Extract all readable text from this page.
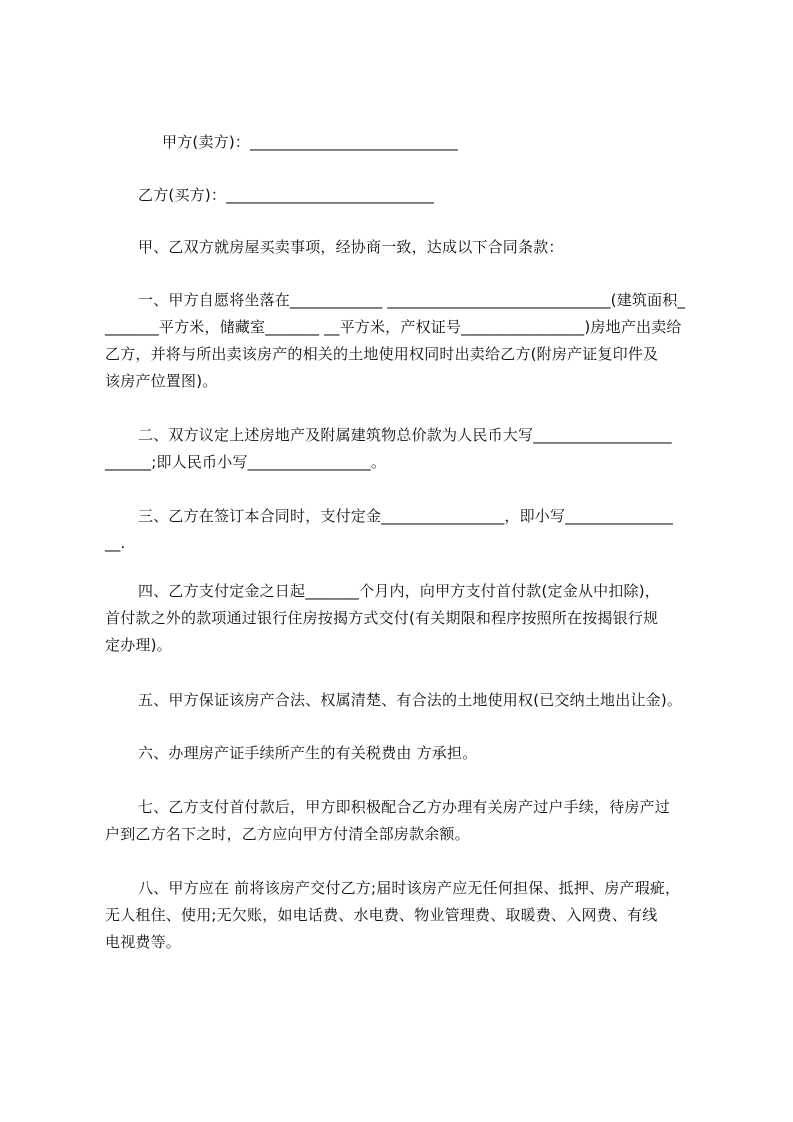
甲方(卖方)：___________________________
乙方(买方)：___________________________
甲、乙双方就房屋买卖事项，经协商一致，达成以下合同条款：
一、甲方自愿将坐落在____________ _____________________________(建筑面积_
_______平方米，储藏室_______ __平方米，产权证号________________)房地产出卖给
乙方，并将与所出卖该房产的相关的土地使用权同时出卖给乙方(附房产证复印件及
该房产位置图)。
二、双方议定上述房地产及附属建筑物总价款为人民币大写__________________
______;即人民币小写________________。
三、乙方在签订本合同时，支付定金________________，即小写______________
__.
四、乙方支付定金之日起_______个月内，向甲方支付首付款(定金从中扣除)，
首付款之外的款项通过银行住房按揭方式交付(有关期限和程序按照所在按揭银行规
定办理)。
五、甲方保证该房产合法、权属清楚、有合法的土地使用权(已交纳土地出让金)。
六、办理房产证手续所产生的有关税费由 方承担。
七、乙方支付首付款后，甲方即积极配合乙方办理有关房产过户手续，待房产过
户到乙方名下之时，乙方应向甲方付清全部房款余额。
八、甲方应在 前将该房产交付乙方;届时该房产应无任何担保、抵押、房产瑕疵，
无人租住、使用;无欠账，如电话费、水电费、物业管理费、取暖费、入网费、有线
电视费等。
